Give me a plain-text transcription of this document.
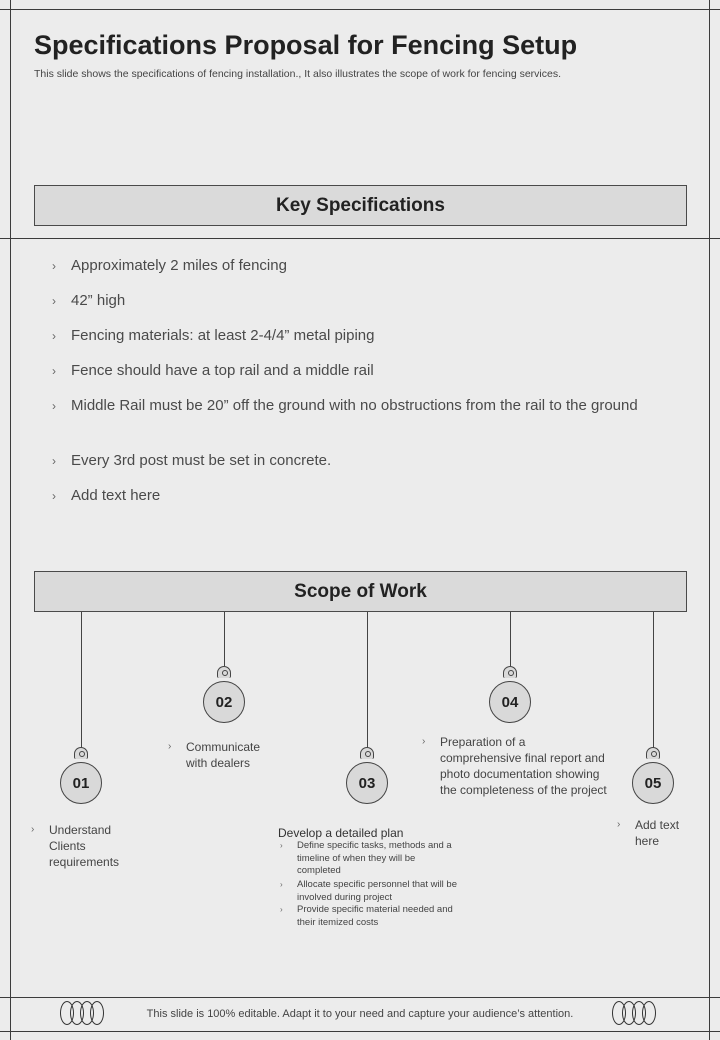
Specifications Proposal for Fencing Setup
This slide shows the specifications of fencing installation., It also illustrates the scope of work for fencing services.
Key Specifications
›	Approximately 2 miles of fencing
›	42” high
›	Fencing materials: at least 2-4/4” metal piping
›	Fence should have a top rail and a middle rail
›	Middle Rail must be 20” off the ground with no obstructions from the rail to the ground
›	Every 3rd post must be set in concrete.
›	Add text here
Scope of Work
01
02
03
04
05
›	Understand Clients requirements
›	Communicate with dealers
›	Preparation of a comprehensive final report and photo documentation showing the completeness of the project
›	Add text here
Develop a detailed plan
›	Define specific tasks, methods and a timeline of when they will be completed
›	Allocate specific personnel that will be involved during project
›	Provide specific material needed and their itemized costs
This slide is 100% editable. Adapt it to your need and capture your audience’s attention.
